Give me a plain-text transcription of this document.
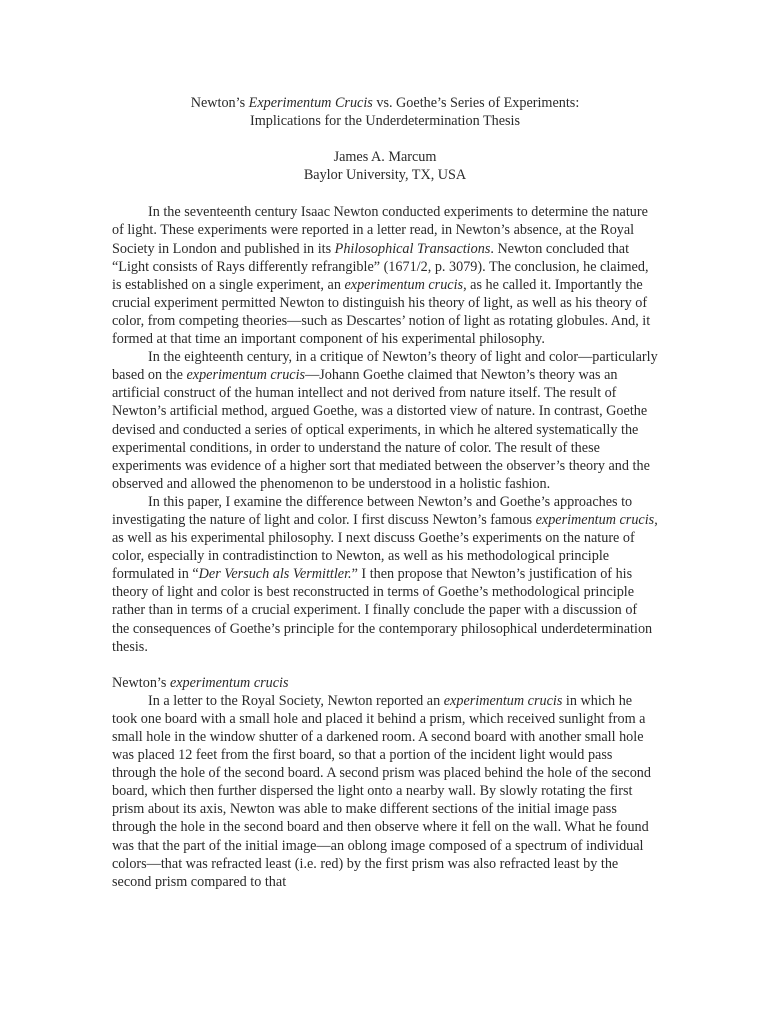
Newton’s Experimentum Crucis vs. Goethe’s Series of Experiments:
Implications for the Underdetermination Thesis
James A. Marcum
Baylor University, TX, USA

In the seventeenth century Isaac Newton conducted experiments to determine the nature of light. These experiments were reported in a letter read, in Newton’s absence, at the Royal Society in London and published in its Philosophical Transactions. Newton concluded that “Light consists of Rays differently refrangible” (1671/2, p. 3079). The conclusion, he claimed, is established on a single experiment, an experimentum crucis, as he called it. Importantly the crucial experiment permitted Newton to distinguish his theory of light, as well as his theory of color, from competing theories—such as Descartes’ notion of light as rotating globules. And, it formed at that time an important component of his experimental philosophy.

In the eighteenth century, in a critique of Newton’s theory of light and color—particularly based on the experimentum crucis—Johann Goethe claimed that Newton’s theory was an artificial construct of the human intellect and not derived from nature itself. The result of Newton’s artificial method, argued Goethe, was a distorted view of nature. In contrast, Goethe devised and conducted a series of optical experiments, in which he altered systematically the experimental conditions, in order to understand the nature of color. The result of these experiments was evidence of a higher sort that mediated between the observer’s theory and the observed and allowed the phenomenon to be understood in a holistic fashion.

In this paper, I examine the difference between Newton’s and Goethe’s approaches to investigating the nature of light and color. I first discuss Newton’s famous experimentum crucis, as well as his experimental philosophy. I next discuss Goethe’s experiments on the nature of color, especially in contradistinction to Newton, as well as his methodological principle formulated in “Der Versuch als Vermittler.” I then propose that Newton’s justification of his theory of light and color is best reconstructed in terms of Goethe’s methodological principle rather than in terms of a crucial experiment. I finally conclude the paper with a discussion of the consequences of Goethe’s principle for the contemporary philosophical underdetermination thesis.

Newton’s experimentum crucis

In a letter to the Royal Society, Newton reported an experimentum crucis in which he took one board with a small hole and placed it behind a prism, which received sunlight from a small hole in the window shutter of a darkened room. A second board with another small hole was placed 12 feet from the first board, so that a portion of the incident light would pass through the hole of the second board. A second prism was placed behind the hole of the second board, which then further dispersed the light onto a nearby wall. By slowly rotating the first prism about its axis, Newton was able to make different sections of the initial image pass through the hole in the second board and then observe where it fell on the wall. What he found was that the part of the initial image—an oblong image composed of a spectrum of individual colors—that was refracted least (i.e. red) by the first prism was also refracted least by the second prism compared to that
